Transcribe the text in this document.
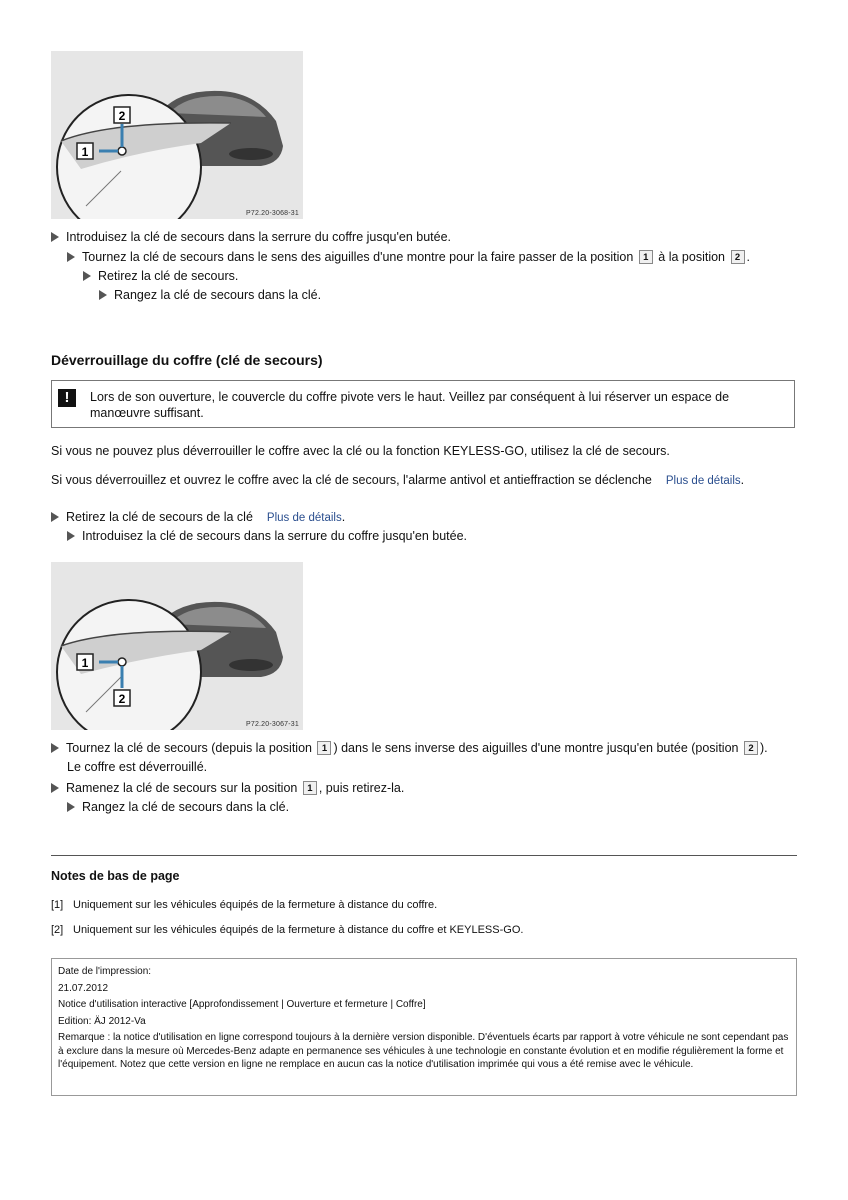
1
2
P72.20-3068-31
Introduisez la clé de secours dans la serrure du coffre jusqu'en butée.
Tournez la clé de secours dans le sens des aiguilles d'une montre pour la faire passer de la position 1 à la position 2 .
Retirez la clé de secours.
Rangez la clé de secours dans la clé.
Déverrouillage du coffre (clé de secours)
!	Lors de son ouverture, le couvercle du coffre pivote vers le haut. Veillez par conséquent à lui réserver un espace de manœuvre suffisant.
Si vous ne pouvez plus déverrouiller le coffre avec la clé ou la fonction KEYLESS-GO, utilisez la clé de secours.
Si vous déverrouillez et ouvrez le coffre avec la clé de secours, l'alarme antivol et antieffraction se déclenche Plus de détails.
Retirez la clé de secours de la clé Plus de détails.
Introduisez la clé de secours dans la serrure du coffre jusqu'en butée.
1
2
P72.20-3067-31
Tournez la clé de secours (depuis la position 1 ) dans le sens inverse des aiguilles d'une montre jusqu'en butée (position 2 ).
Le coffre est déverrouillé.
Ramenez la clé de secours sur la position 1 , puis retirez-la.
Rangez la clé de secours dans la clé.
Notes de bas de page
[1] Uniquement sur les véhicules équipés de la fermeture à distance du coffre.
[2] Uniquement sur les véhicules équipés de la fermeture à distance du coffre et KEYLESS-GO.
Date de l'impression:
21.07.2012
Notice d'utilisation interactive [Approfondissement | Ouverture et fermeture | Coffre]
Edition: ÄJ 2012-Va
Remarque : la notice d'utilisation en ligne correspond toujours à la dernière version disponible. D'éventuels écarts par rapport à votre véhicule ne sont cependant pas à exclure dans la mesure où Mercedes-Benz adapte en permanence ses véhicules à une technologie en constante évolution et en modifie régulièrement la forme et l'équipement. Notez que cette version en ligne ne remplace en aucun cas la notice d'utilisation imprimée qui vous a été remise avec le véhicule.
